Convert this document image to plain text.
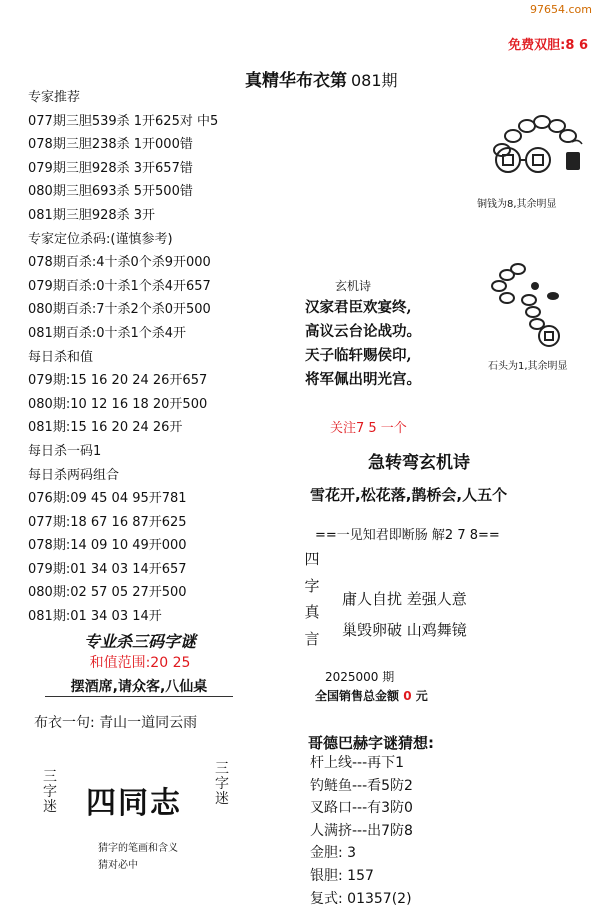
97654.com
免费双胆:8 6
真精华布衣第 081期
专家推荐
077期三胆539杀 1开625对 中5
078期三胆238杀 1开000错
079期三胆928杀 3开657错
080期三胆693杀 5开500错
081期三胆928杀 3开
专家定位杀码:(谨慎参考)
078期百杀:4十杀0个杀9开000
079期百杀:0十杀1个杀4开657
080期百杀:7十杀2个杀0开500
081期百杀:0十杀1个杀4开
每日杀和值
079期:15 16 20 24 26开657
080期:10 12 16 18 20开500
081期:15 16 20 24 26开
每日杀一码1
每日杀两码组合
076期:09 45 04 95开781
077期:18 67 16 87开625
078期:14 09 10 49开000
079期:01 34 03 14开657
080期:02 57 05 27开500
081期:01 34 03 14开
专业杀三码字谜
和值范围:20 25
摆酒席,请众客,八仙桌
布衣一句: 青山一道同云雨
三字迷
三字迷
四同志
猜字的笔画和含义
猜对必中
铜钱为8,其余明显
石头为1,其余明显
玄机诗
汉家君臣欢宴终,
高议云台论战功。
天子临轩赐侯印,
将军佩出明光宫。
关注7 5 一个
急转弯玄机诗
雪花开,松花落,鹊桥会,人五个
==一见知君即断肠 解2 7 8==
四字真言
庸人自扰 差强人意
巢毁卵破 山鸡舞镜
2025000 期
全国销售总金额 0 元
哥德巴赫字谜猜想:
杆上线---再下1
钓鲢鱼---看5防2
叉路口---有3防0
人满挤---出7防8
金胆: 3
银胆: 157
复式: 01357(2)
